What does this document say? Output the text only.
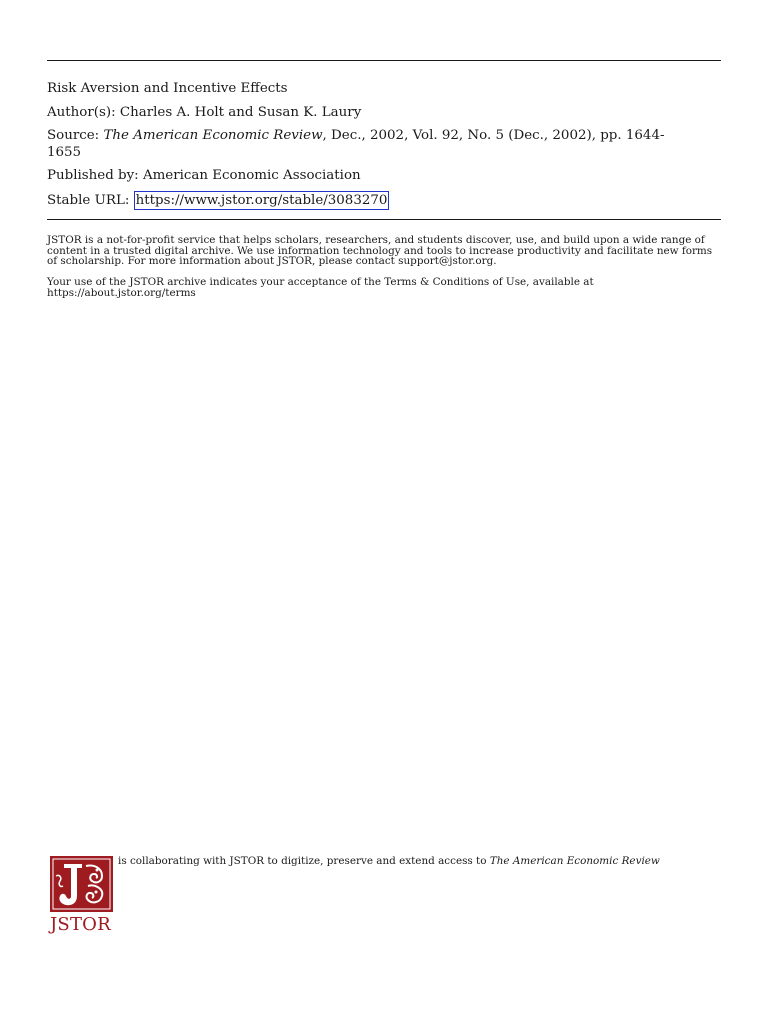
Risk Aversion and Incentive Effects
Author(s): Charles A. Holt and Susan K. Laury
Source: The American Economic Review, Dec., 2002, Vol. 92, No. 5 (Dec., 2002), pp. 1644-
1655
Published by: American Economic Association
Stable URL: https://www.jstor.org/stable/3083270

JSTOR is a not-for-profit service that helps scholars, researchers, and students discover, use, and build upon a wide range of content in a trusted digital archive. We use information technology and tools to increase productivity and facilitate new forms of scholarship. For more information about JSTOR, please contact support@jstor.org.

Your use of the JSTOR archive indicates your acceptance of the Terms & Conditions of Use, available at https://about.jstor.org/terms

JSTOR

is collaborating with JSTOR to digitize, preserve and extend access to The American Economic Review
